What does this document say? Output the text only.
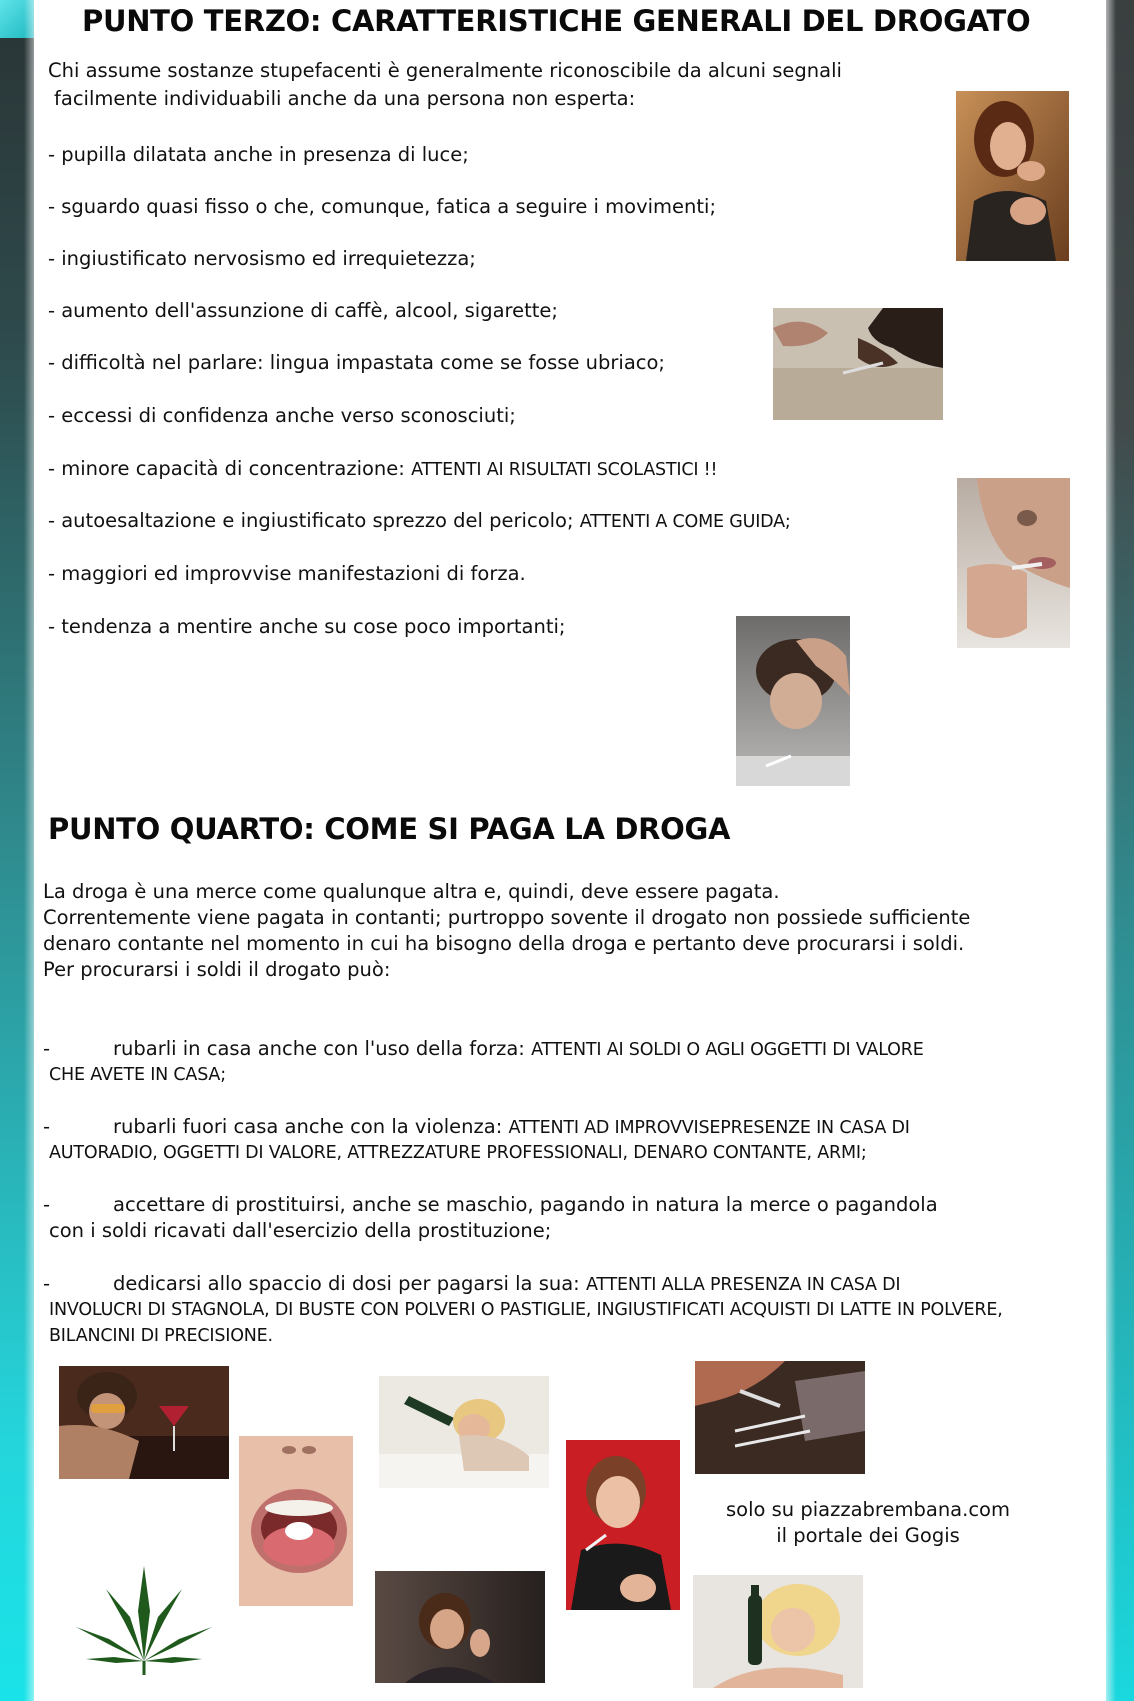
PUNTO TERZO: CARATTERISTICHE GENERALI DEL DROGATO
Chi assume sostanze stupefacenti è generalmente riconoscibile da alcuni segnali
facilmente individuabili anche da una persona non esperta:
- pupilla dilatata anche in presenza di luce;
- sguardo quasi fisso o che, comunque, fatica a seguire i movimenti;
- ingiustificato nervosismo ed irrequietezza;
- aumento dell'assunzione di caffè, alcool, sigarette;
- difficoltà nel parlare: lingua impastata come se fosse ubriaco;
- eccessi di confidenza anche verso sconosciuti;
- minore capacità di concentrazione: ATTENTI AI RISULTATI SCOLASTICI !!
- autoesaltazione e ingiustificato sprezzo del pericolo; ATTENTI A COME GUIDA;
- maggiori ed improvvise manifestazioni di forza.
- tendenza a mentire anche su cose poco importanti;
PUNTO QUARTO: COME SI PAGA LA DROGA
La droga è una merce come qualunque altra e, quindi, deve essere pagata.
Correntemente viene pagata in contanti; purtroppo sovente il drogato non possiede sufficiente
denaro contante nel momento in cui ha bisogno della droga e pertanto deve procurarsi i soldi.
Per procurarsi i soldi il drogato può:
-	rubarli in casa anche con l'uso della forza: ATTENTI AI SOLDI O AGLI OGGETTI DI VALORE
CHE AVETE IN CASA;
-	rubarli fuori casa anche con la violenza: ATTENTI AD IMPROVVISEPRESENZE IN CASA DI
AUTORADIO, OGGETTI DI VALORE, ATTREZZATURE PROFESSIONALI, DENARO CONTANTE, ARMI;
-	accettare di prostituirsi, anche se maschio, pagando in natura la merce o pagandola
con i soldi ricavati dall'esercizio della prostituzione;
-	dedicarsi allo spaccio di dosi per pagarsi la sua: ATTENTI ALLA PRESENZA IN CASA DI
INVOLUCRI DI STAGNOLA, DI BUSTE CON POLVERI O PASTIGLIE, INGIUSTIFICATI ACQUISTI DI LATTE IN POLVERE,
BILANCINI DI PRECISIONE.
solo su piazzabrembana.com
il portale dei Gogis
